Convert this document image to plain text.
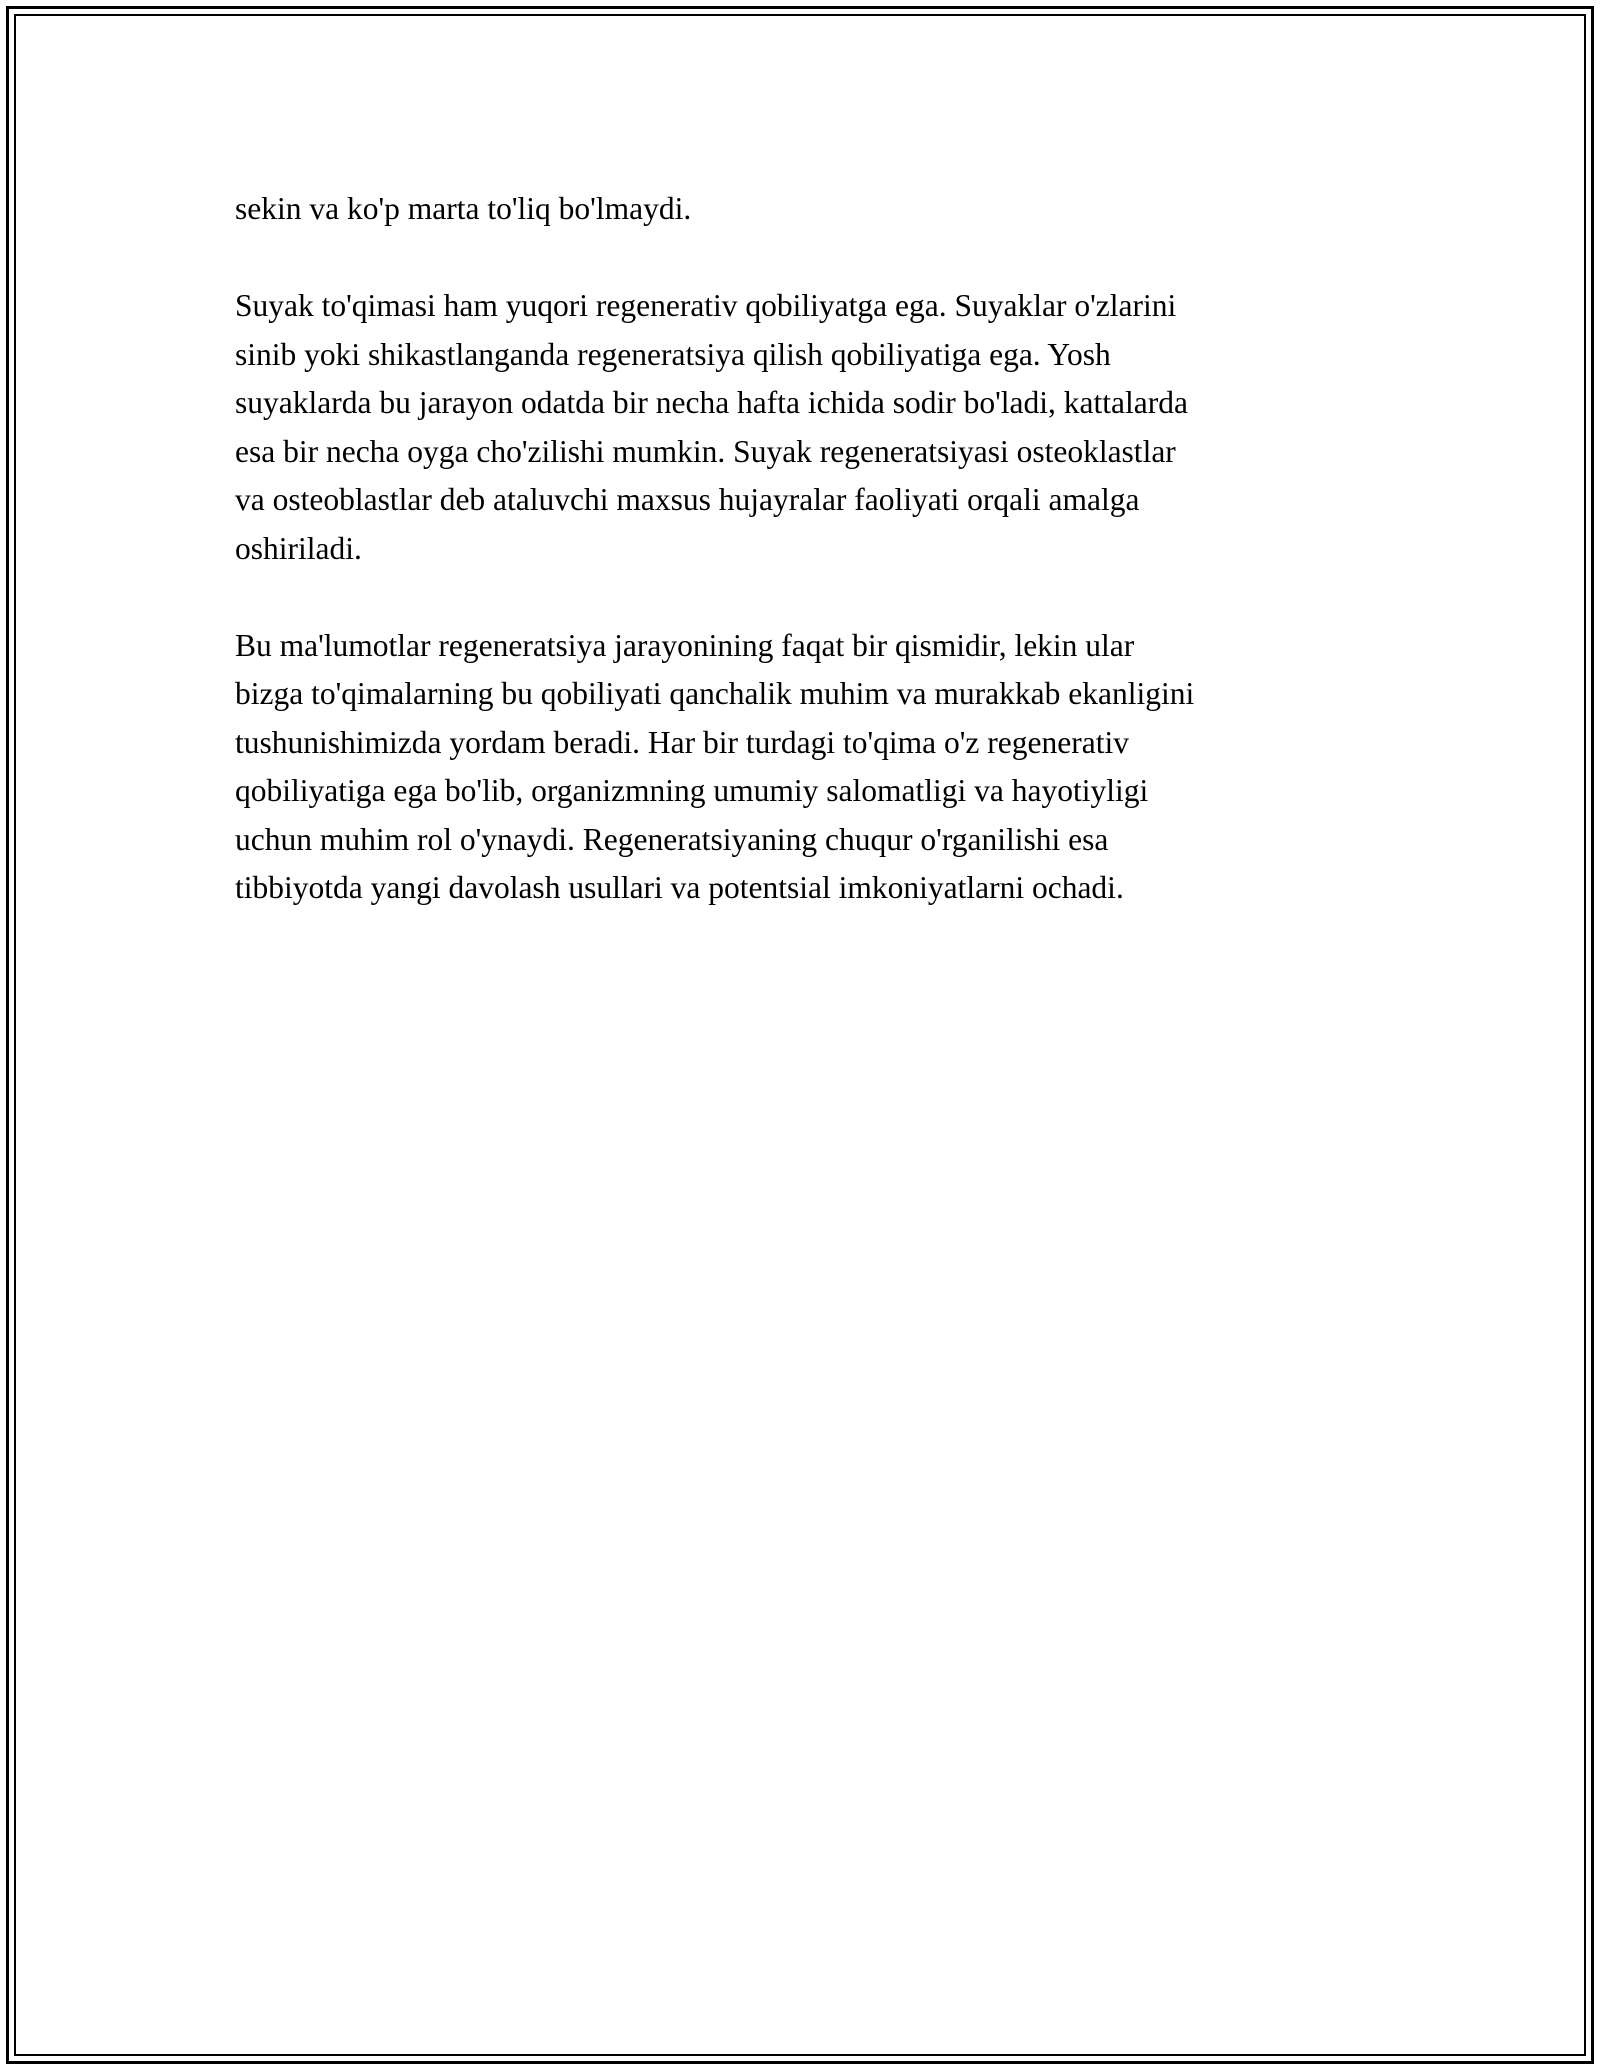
sekin va ko'p marta to'liq bo'lmaydi.

Suyak to'qimasi ham yuqori regenerativ qobiliyatga ega. Suyaklar o'zlarini
sinib yoki shikastlanganda regeneratsiya qilish qobiliyatiga ega. Yosh
suyaklarda bu jarayon odatda bir necha hafta ichida sodir bo'ladi, kattalarda
esa bir necha oyga cho'zilishi mumkin. Suyak regeneratsiyasi osteoklastlar
va osteoblastlar deb ataluvchi maxsus hujayralar faoliyati orqali amalga
oshiriladi.

Bu ma'lumotlar regeneratsiya jarayonining faqat bir qismidir, lekin ular
bizga to'qimalarning bu qobiliyati qanchalik muhim va murakkab ekanligini
tushunishimizda yordam beradi. Har bir turdagi to'qima o'z regenerativ
qobiliyatiga ega bo'lib, organizmning umumiy salomatligi va hayotiyligi
uchun muhim rol o'ynaydi. Regeneratsiyaning chuqur o'rganilishi esa
tibbiyotda yangi davolash usullari va potentsial imkoniyatlarni ochadi.
